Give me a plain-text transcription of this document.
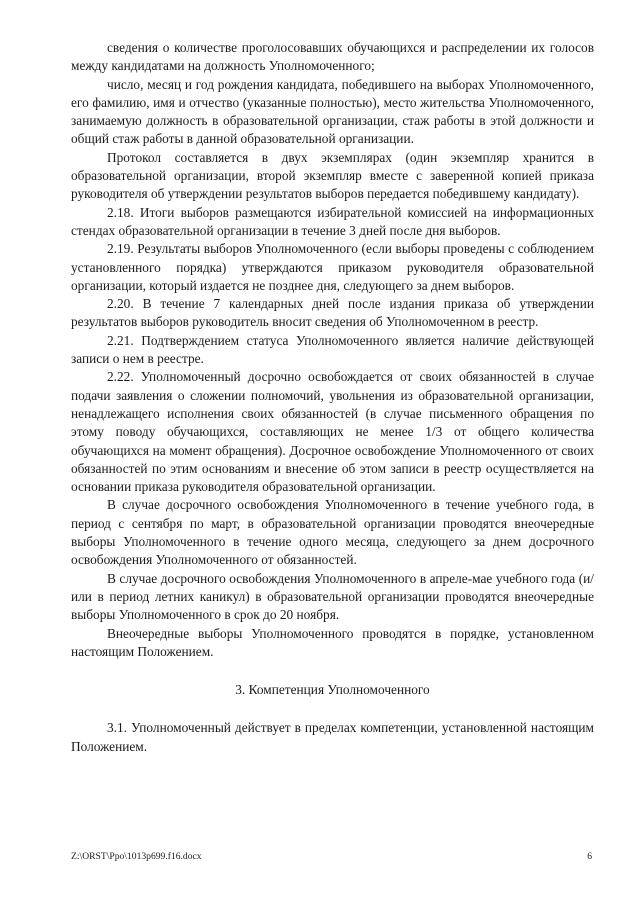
сведения о количестве проголосовавших обучающихся и распределении их голосов между кандидатами на должность Уполномоченного;

число, месяц и год рождения кандидата, победившего на выборах Уполномоченного, его фамилию, имя и отчество (указанные полностью), место жительства Уполномоченного, занимаемую должность в образовательной организации, стаж работы в этой должности и общий стаж работы в данной образовательной организации.

Протокол составляется в двух экземплярах (один экземпляр хранится в образовательной организации, второй экземпляр вместе с заверенной копией приказа руководителя об утверждении результатов выборов передается победившему кандидату).

2.18. Итоги выборов размещаются избирательной комиссией на информационных стендах образовательной организации в течение 3 дней после дня выборов.

2.19. Результаты выборов Уполномоченного (если выборы проведены с соблюдением установленного порядка) утверждаются приказом руководителя образовательной организации, который издается не позднее дня, следующего за днем выборов.

2.20. В течение 7 календарных дней после издания приказа об утверждении результатов выборов руководитель вносит сведения об Уполномоченном в реестр.

2.21. Подтверждением статуса Уполномоченного является наличие действующей записи о нем в реестре.

2.22. Уполномоченный досрочно освобождается от своих обязанностей в случае подачи заявления о сложении полномочий, увольнения из образовательной организации, ненадлежащего исполнения своих обязанностей (в случае письменного обращения по этому поводу обучающихся, составляющих не менее 1/3 от общего количества обучающихся на момент обращения). Досрочное освобождение Уполномоченного от своих обязанностей по этим основаниям и внесение об этом записи в реестр осуществляется на основании приказа руководителя образовательной организации.

В случае досрочного освобождения Уполномоченного в течение учебного года, в период с сентября по март, в образовательной организации проводятся внеочередные выборы Уполномоченного в течение одного месяца, следующего за днем досрочного освобождения Уполномоченного от обязанностей.

В случае досрочного освобождения Уполномоченного в апреле-мае учебного года (и/или в период летних каникул) в образовательной организации проводятся внеочередные выборы Уполномоченного в срок до 20 ноября.

Внеочередные выборы Уполномоченного проводятся в порядке, установленном настоящим Положением.

3. Компетенция Уполномоченного

3.1. Уполномоченный действует в пределах компетенции, установленной настоящим Положением.

Z:\ORST\Ppo\1013p699.f16.docx	6
